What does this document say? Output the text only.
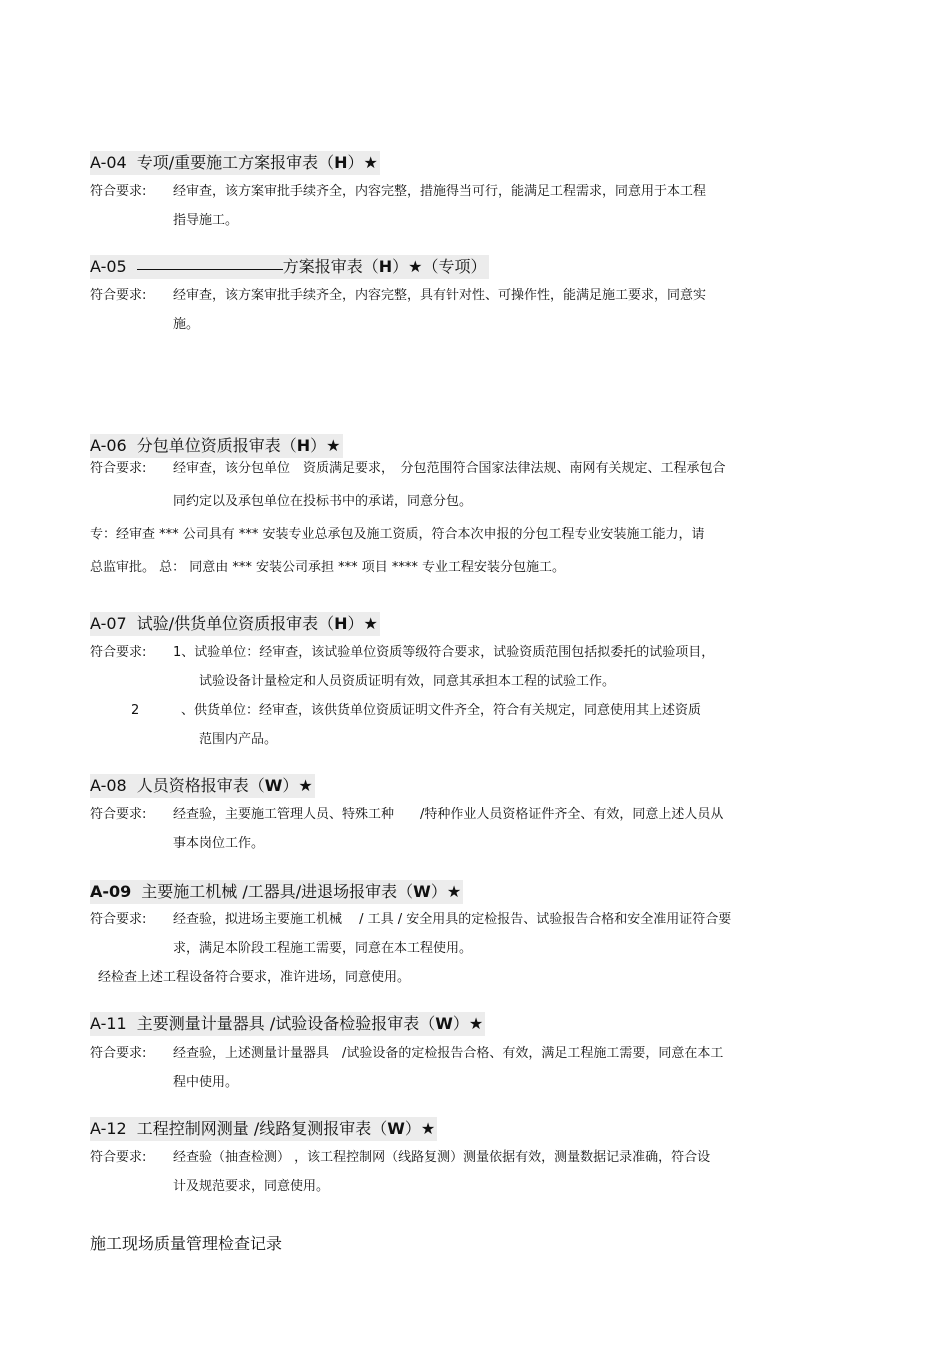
A-04 专项/重要施工方案报审表（H）★
符合要求: 经审查，该方案审批手续齐全，内容完整，措施得当可行，能满足工程需求，同意用于本工程
指导施工。
A-05	方案报审表（H）★（专项）
符合要求: 经审查，该方案审批手续齐全，内容完整，具有针对性、可操作性，能满足施工要求，同意实
施。
A-06 分包单位资质报审表（H）★
符合要求: 经审查，该分包单位　资质满足要求，　分包范围符合国家法律法规、南网有关规定、工程承包合
同约定以及承包单位在投标书中的承诺，同意分包。
专：经审查 *** 公司具有 *** 安装专业总承包及施工资质，符合本次申报的分包工程专业安装施工能力，请
总监审批。 总： 同意由 *** 安装公司承担 *** 项目 **** 专业工程安装分包施工。
A-07 试验/供货单位资质报审表（H）★
符合要求: 1、试验单位：经审查，该试验单位资质等级符合要求，试验资质范围包括拟委托的试验项目，
试验设备计量检定和人员资质证明有效，同意其承担本工程的试验工作。
2	、供货单位：经审查，该供货单位资质证明文件齐全，符合有关规定，同意使用其上述资质
范围内产品。
A-08 人员资格报审表（W）★
符合要求: 经查验，主要施工管理人员、特殊工种　　/特种作业人员资格证件齐全、有效，同意上述人员从
事本岗位工作。
A-09 主要施工机械 /工器具/进退场报审表（W）★
符合要求: 经查验，拟进场主要施工机械　 / 工具 / 安全用具的定检报告、试验报告合格和安全准用证符合要
求，满足本阶段工程施工需要，同意在本工程使用。
经检查上述工程设备符合要求，准许进场，同意使用。
A-11 主要测量计量器具 /试验设备检验报审表（W）★
符合要求: 经查验，上述测量计量器具　/试验设备的定检报告合格、有效，满足工程施工需要，同意在本工
程中使用。
A-12 工程控制网测量 /线路复测报审表（W）★
符合要求: 经查验（抽查检测） ，该工程控制网（线路复测）测量依据有效，测量数据记录准确，符合设
计及规范要求，同意使用。
施工现场质量管理检查记录
